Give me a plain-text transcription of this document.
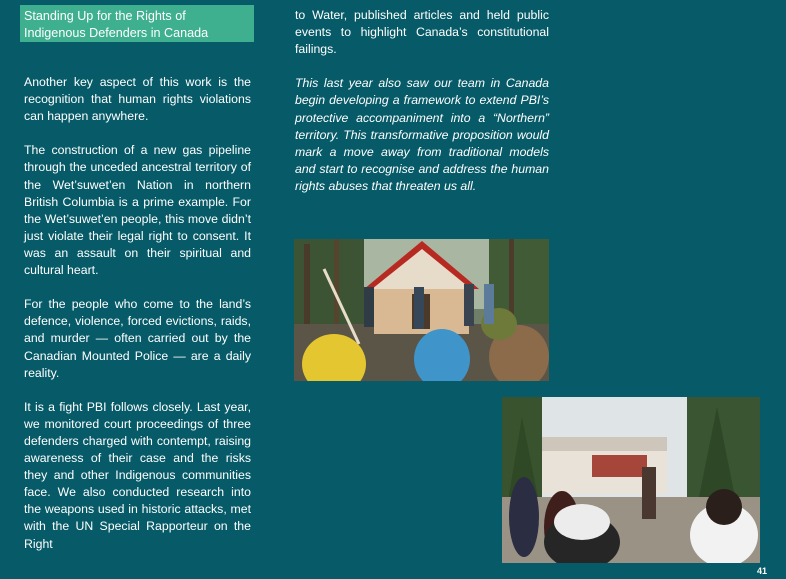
Standing Up for the Rights of Indigenous Defenders in Canada

Another key aspect of this work is the recognition that human rights violations can happen anywhere.

The construction of a new gas pipeline through the unceded ancestral territory of the Wet’suwet’en Nation in northern British Columbia is a prime example. For the Wet’suwet’en people, this move didn’t just violate their legal right to consent. It was an assault on their spiritual and cultural heart.

For the people who come to the land’s defence, violence, forced evictions, raids, and murder — often carried out by the Canadian Mounted Police — are a daily reality.

It is a fight PBI follows closely. Last year, we monitored court proceedings of three defenders charged with contempt, raising awareness of their case and the risks they and other Indigenous communities face. We also conducted research into the weapons used in historic attacks, met with the UN Special Rapporteur on the Right

to Water, published articles and held public events to highlight Canada’s constitutional failings.

This last year also saw our team in Canada begin developing a framework to extend PBI’s protective accompaniment into a “Northern” territory. This transformative proposition would mark a move away from traditional models and start to recognise and address the human rights abuses that threaten us all.

41
